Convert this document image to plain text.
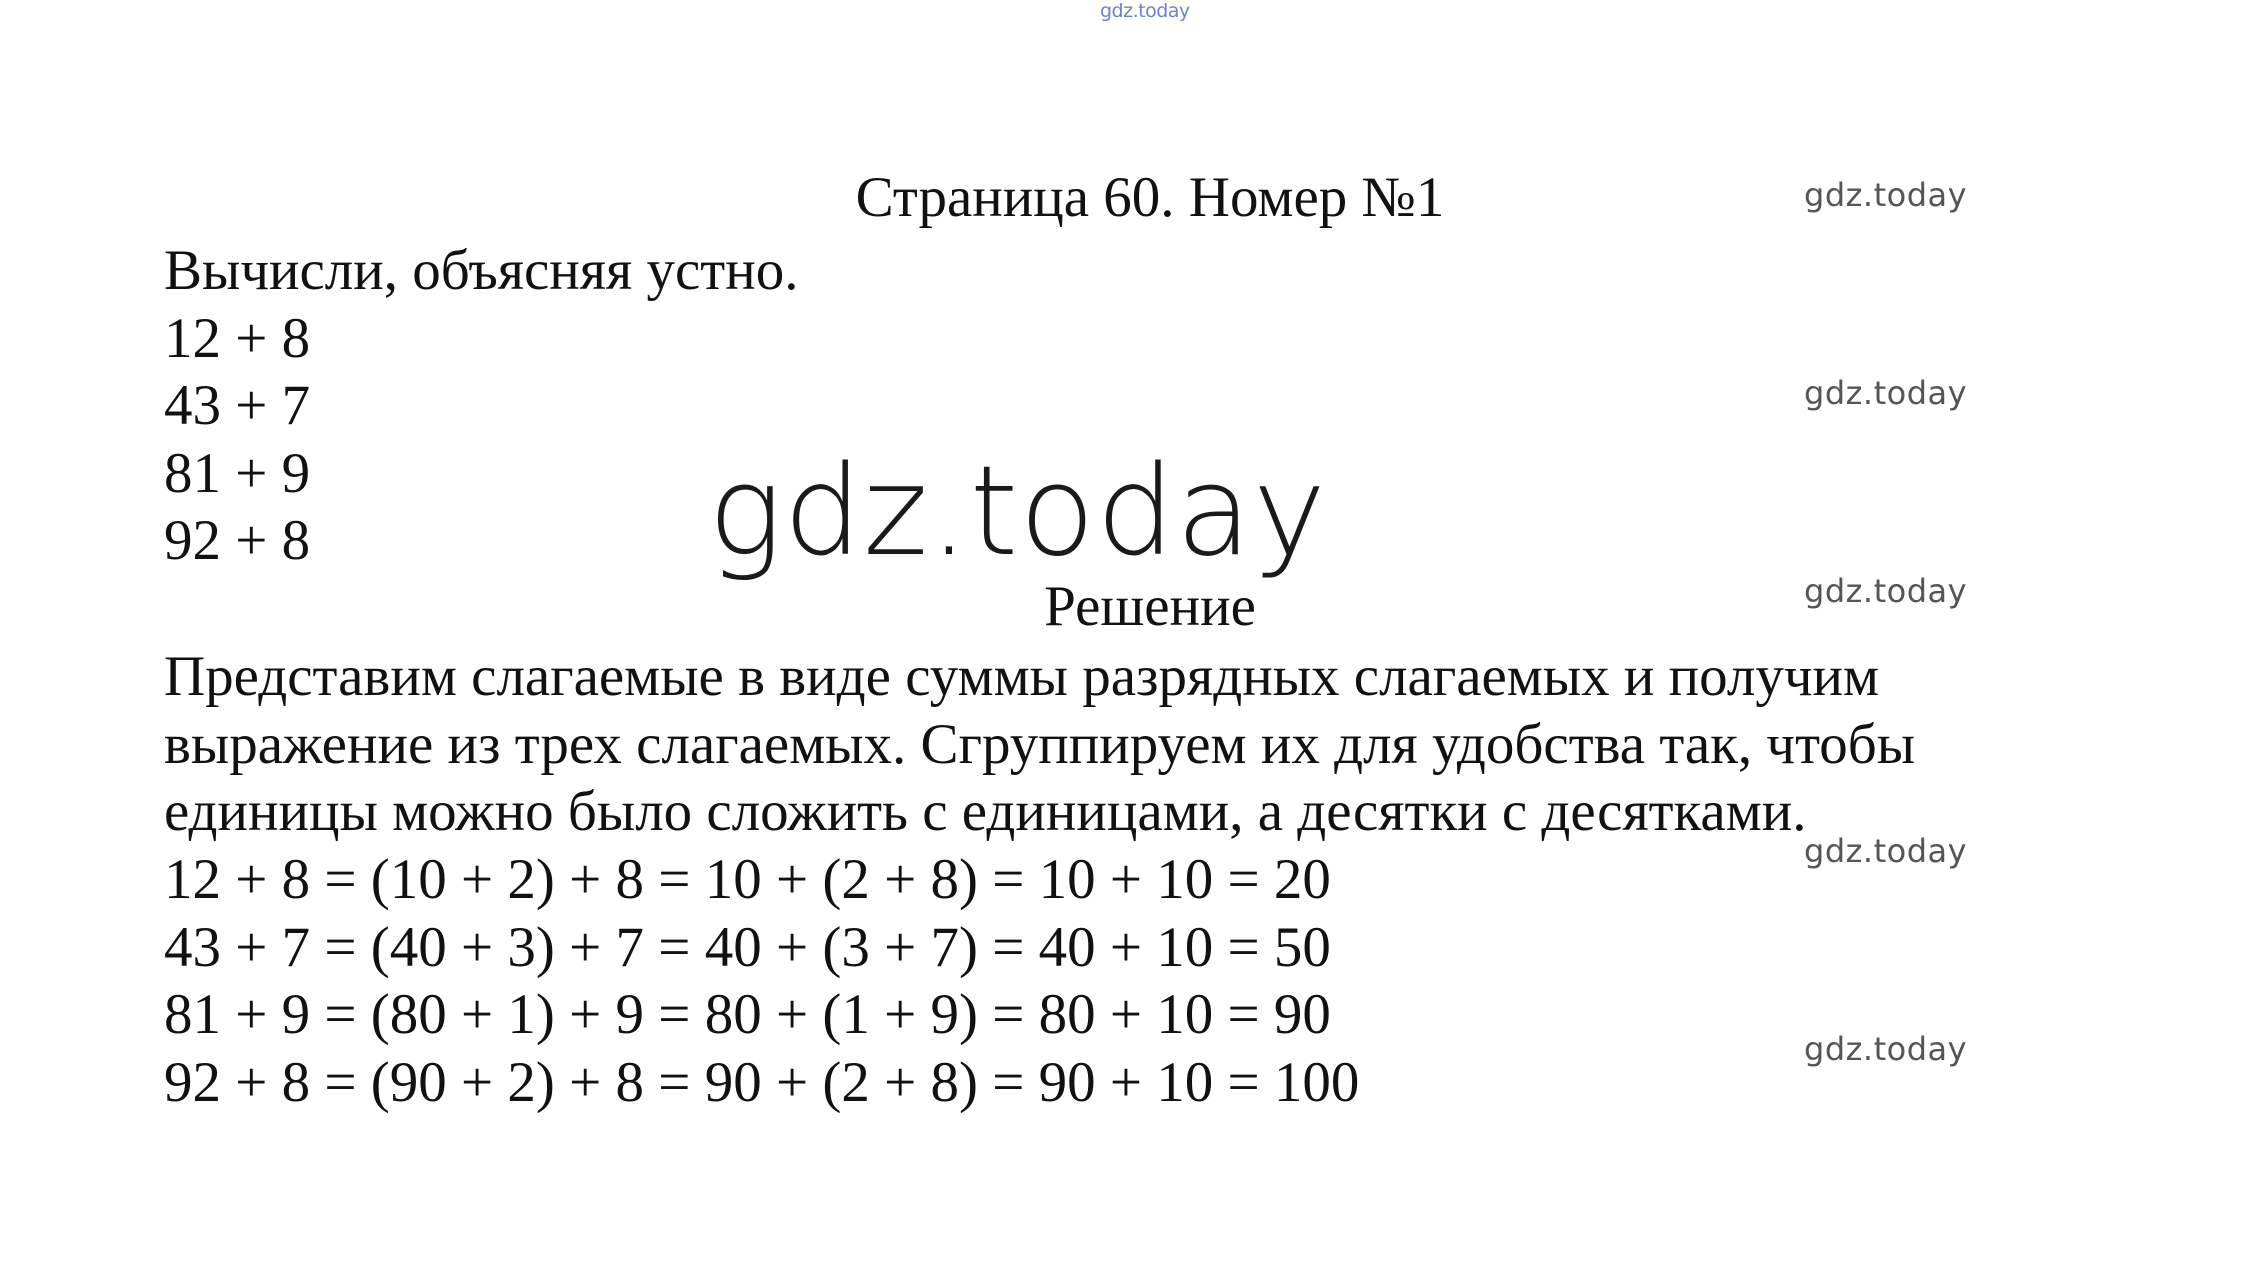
gdz.today
gdz.today
gdz.today
gdz.today
gdz.today
gdz.today
Страница 60. Номер №1
Вычисли, объясняя устно.
12 + 8
43 + 7
81 + 9
92 + 8	gdz.today
Решение
Представим слагаемые в виде суммы разрядных слагаемых и получим
выражение из трех слагаемых. Сгруппируем их для удобства так, чтобы
единицы можно было сложить с единицами, а десятки с десятками.
12 + 8 = (10 + 2) + 8 = 10 + (2 + 8) = 10 + 10 = 20
43 + 7 = (40 + 3) + 7 = 40 + (3 + 7) = 40 + 10 = 50
81 + 9 = (80 + 1) + 9 = 80 + (1 + 9) = 80 + 10 = 90
92 + 8 = (90 + 2) + 8 = 90 + (2 + 8) = 90 + 10 = 100
